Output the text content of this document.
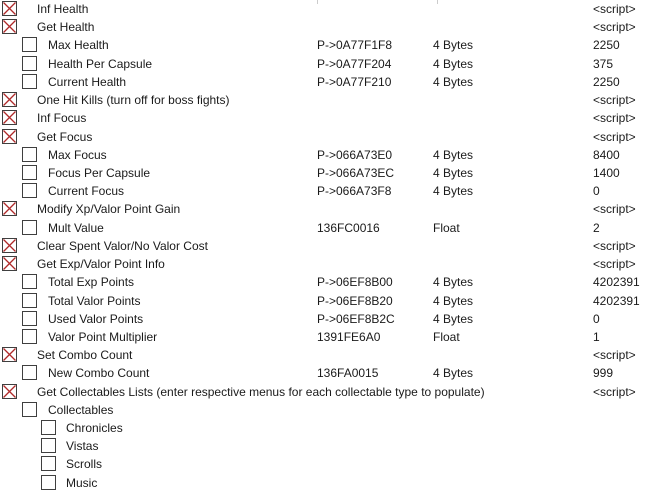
Inf Health	<script>
Get Health	<script>
Max Health	P->0A77F1F8	4 Bytes	2250
Health Per Capsule	P->0A77F204	4 Bytes	375
Current Health	P->0A77F210	4 Bytes	2250
One Hit Kills (turn off for boss fights)	<script>
Inf Focus	<script>
Get Focus	<script>
Max Focus	P->066A73E0	4 Bytes	8400
Focus Per Capsule	P->066A73EC	4 Bytes	1400
Current Focus	P->066A73F8	4 Bytes	0
Modify Xp/Valor Point Gain	<script>
Mult Value	136FC0016	Float	2
Clear Spent Valor/No Valor Cost	<script>
Get Exp/Valor Point Info	<script>
Total Exp Points	P->06EF8B00	4 Bytes	4202391
Total Valor Points	P->06EF8B20	4 Bytes	4202391
Used Valor Points	P->06EF8B2C	4 Bytes	0
Valor Point Multiplier	1391FE6A0	Float	1
Set Combo Count	<script>
New Combo Count	136FA0015	4 Bytes	999
Get Collectables Lists (enter respective menus for each collectable type to populate)	<script>
Collectables
Chronicles
Vistas
Scrolls
Music
